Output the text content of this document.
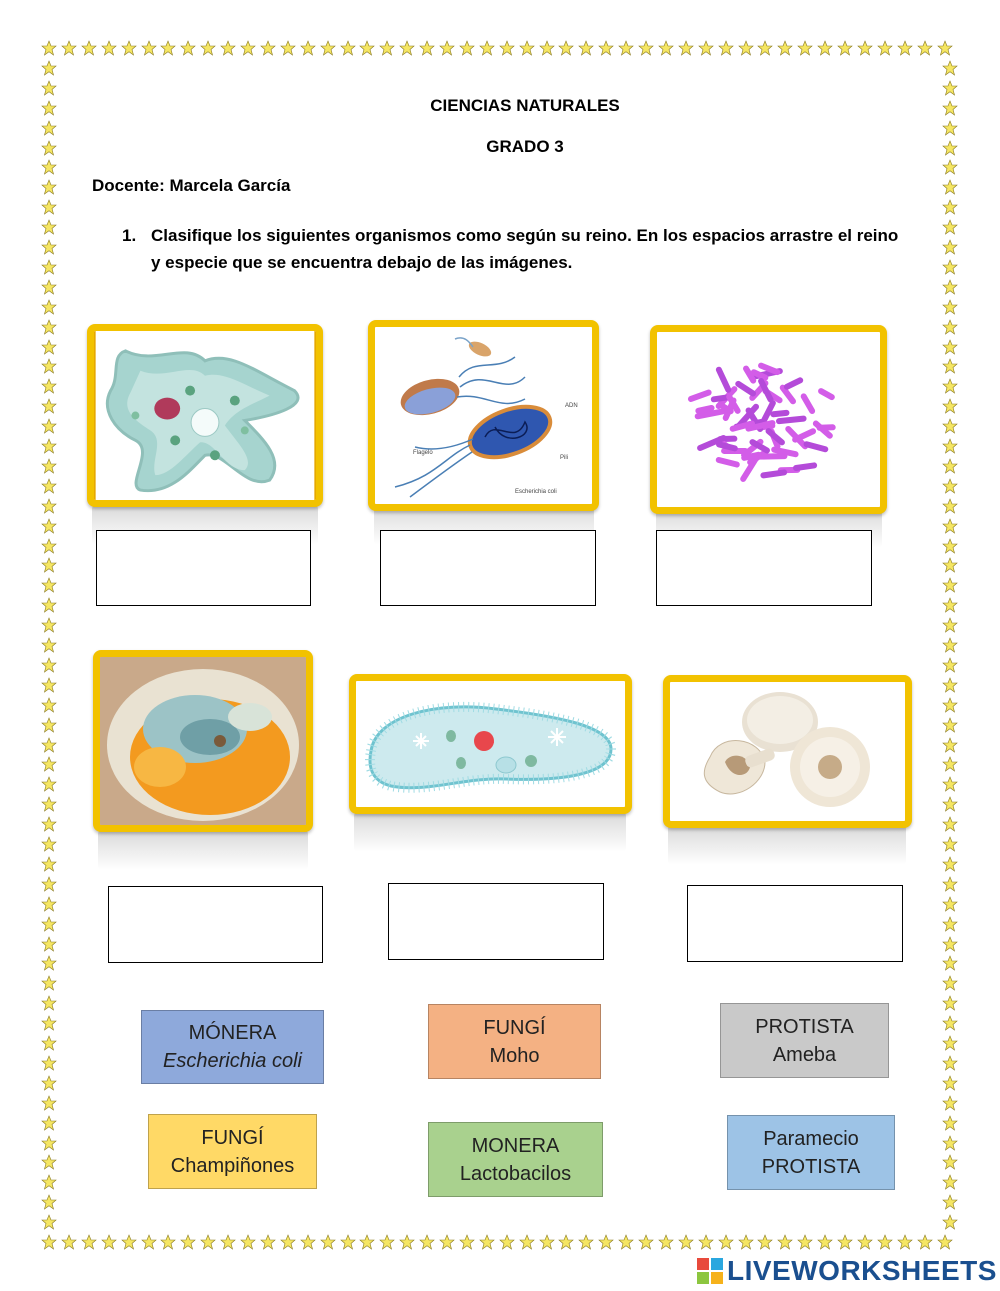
CIENCIAS NATURALES
GRADO 3
Docente: Marcela García
1. Clasifique los siguientes organismos como según su reino. En los espacios arrastre el reino y especie que se encuentra debajo de las imágenes.
ADN
Flagelo
Pili
Escherichia coli
MÓNERA
Escherichia coli
FUNGÍ
Moho
PROTISTA
Ameba
FUNGÍ
Champiñones
MONERA
Lactobacilos
Paramecio
PROTISTA
LIVEWORKSHEETS
